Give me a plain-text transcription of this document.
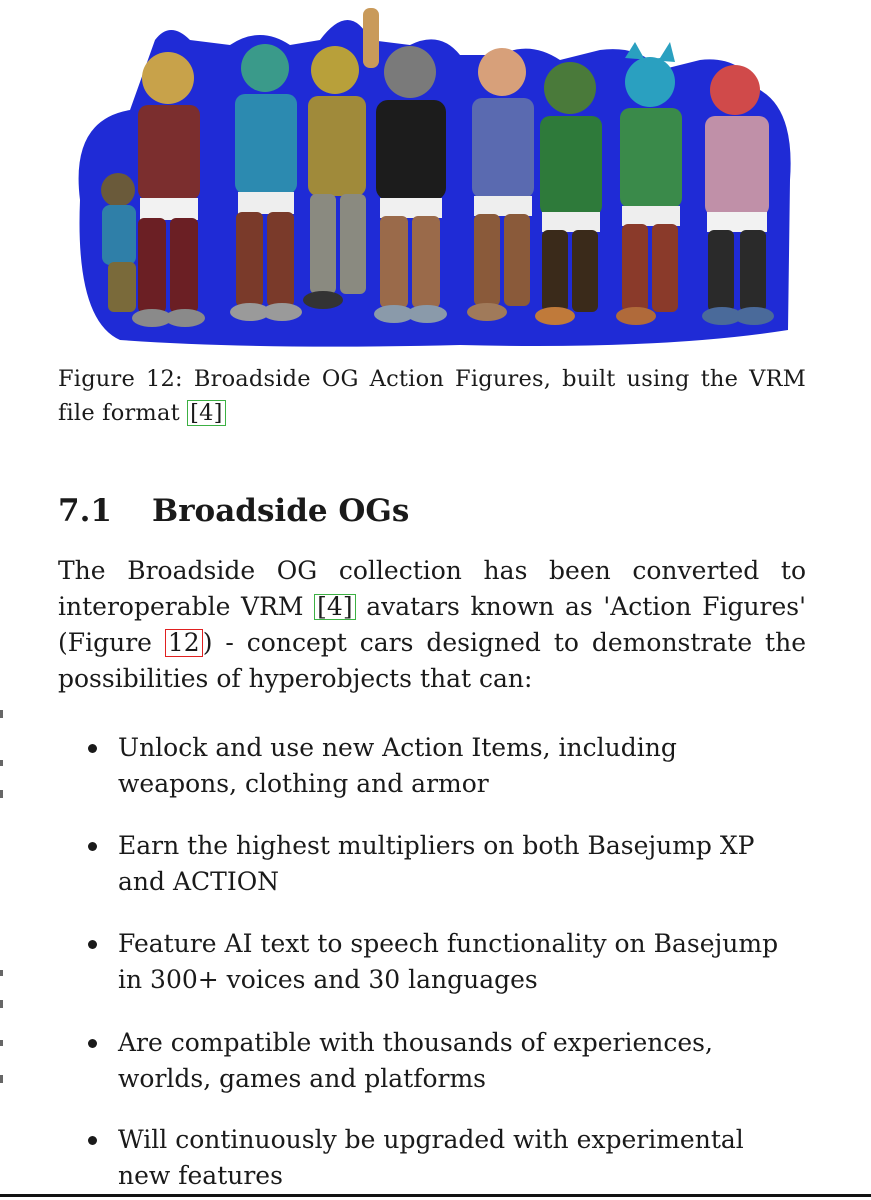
Figure 12: Broadside OG Action Figures, built using the VRM file format [4]
7.1 Broadside OGs

The Broadside OG collection has been converted to interoperable VRM [4] avatars known as 'Action Figures' (Figure 12 ) - concept cars designed to demonstrate the possibilities of hyperobjects that can:

Unlock and use new Action Items, including weapons, clothing and armor
Earn the highest multipliers on both Basejump XP and ACTION
Feature AI text to speech functionality on Basejump in 300+ voices and 30 languages
Are compatible with thousands of experiences, worlds, games and platforms
Will continuously be upgraded with experimental new features
